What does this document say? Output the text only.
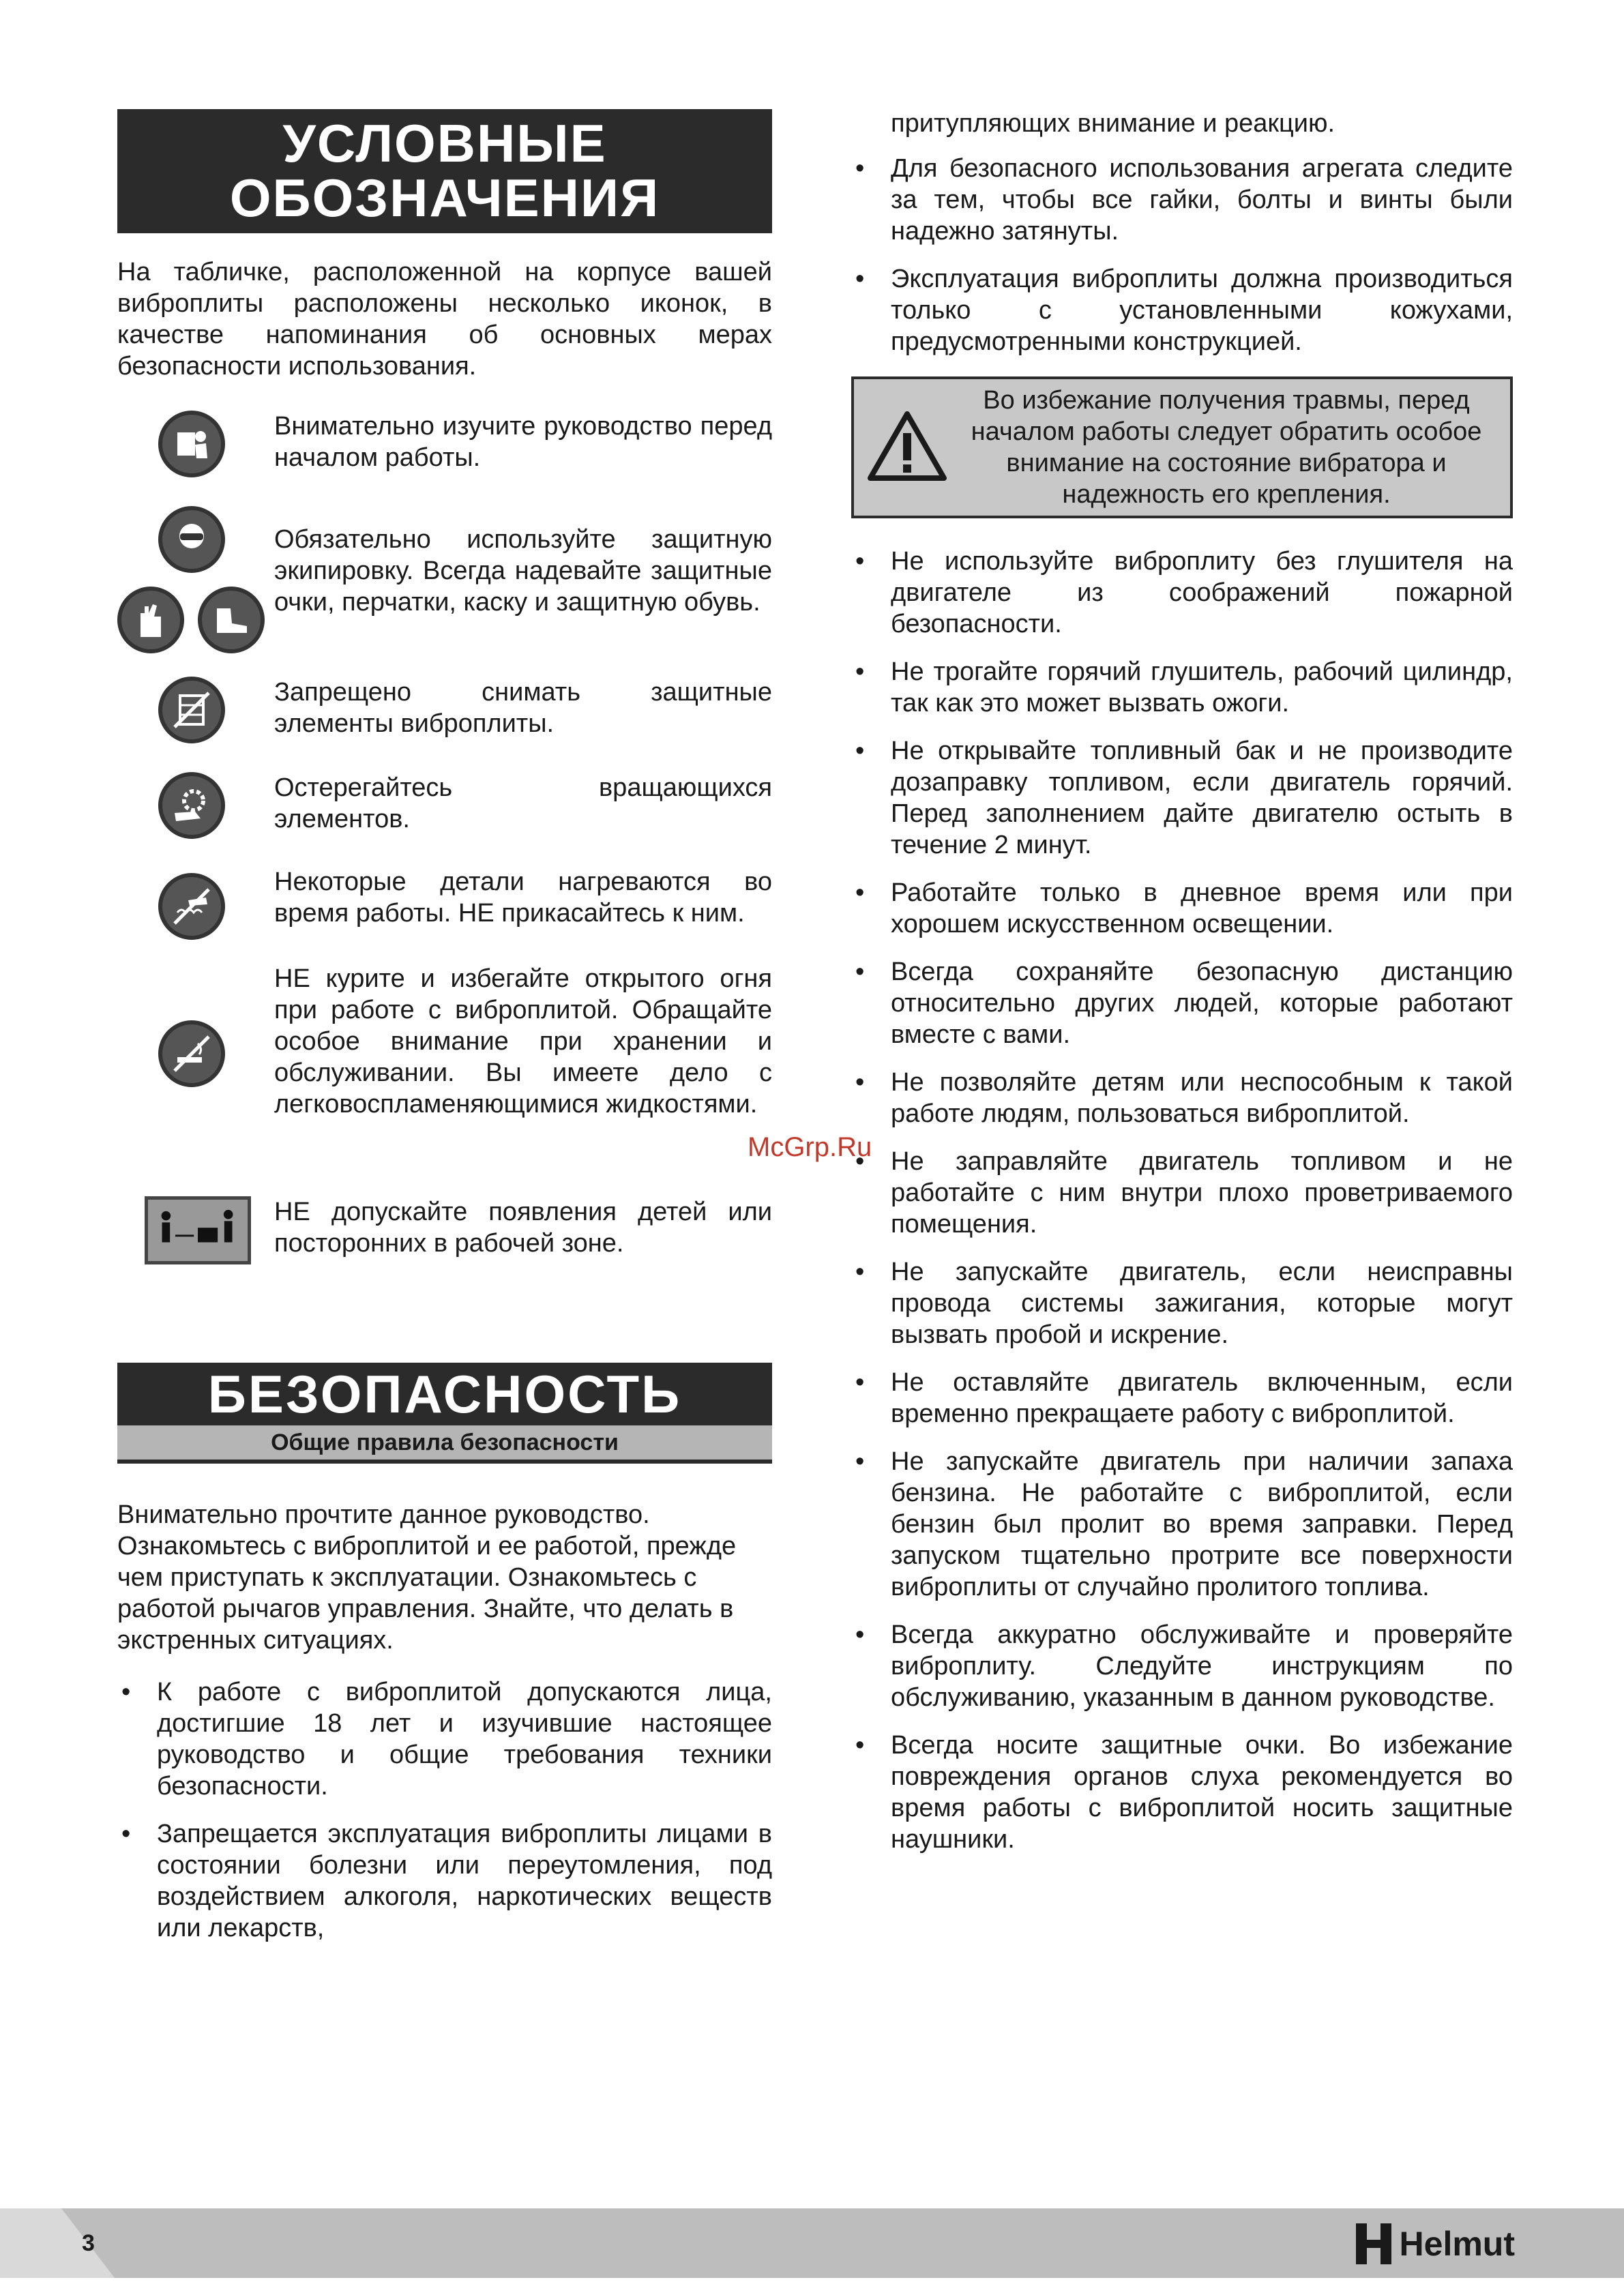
УСЛОВНЫЕ
ОБОЗНАЧЕНИЯ

На табличке, расположенной на корпусе вашей виброплиты расположены несколько иконок, в качестве напоминания об основных мерах безопасности использования.

Внимательно изучите руководство перед началом работы.
Обязательно используйте защитную экипировку. Всегда надевайте защитные очки, перчатки, каску и защитную обувь.
Запрещено снимать защитные элементы виброплиты.
Остерегайтесь вращающихся элементов.
Некоторые детали нагреваются во время работы. НЕ прикасайтесь к ним.
НЕ курите и избегайте открытого огня при работе с виброплитой. Обращайте особое внимание при хранении и обслуживании. Вы имеете дело с легковоспламеняющимися жидкостями.
НЕ допускайте появления детей или посторонних в рабочей зоне.
БЕЗОПАСНОСТЬ
Общие правила безопасности

Внимательно прочтите данное руководство. Ознакомьтесь с виброплитой и ее работой, прежде чем приступать к эксплуатации. Ознакомьтесь с работой рычагов управления. Знайте, что делать в экстренных ситуациях.

• К работе с виброплитой допускаются лица, достигшие 18 лет и изучившие настоящее руководство и общие требования техники безопасности.
• Запрещается эксплуатация виброплиты лицами в состоянии болезни или переутомления, под воздействием алкоголя, наркотических веществ или лекарств,

притупляющих внимание и реакцию.

• Для безопасного использования агрегата следите за тем, чтобы все гайки, болты и винты были надежно затянуты.
• Эксплуатация виброплиты должна производиться только с установленными кожухами, предусмотренными конструкцией.
Во избежание получения травмы, перед началом работы следует обратить особое внимание на состояние вибратора и надежность его крепления.
• Не используйте виброплиту без глушителя на двигателе из соображений пожарной безопасности.
• Не трогайте горячий глушитель, рабочий цилиндр, так как это может вызвать ожоги.
• Не открывайте топливный бак и не производите дозаправку топливом, если двигатель горячий. Перед заполнением дайте двигателю остыть в течение 2 минут.
• Работайте только в дневное время или при хорошем искусственном освещении.
• Всегда сохраняйте безопасную дистанцию относительно других людей, которые работают вместе с вами.
• Не позволяйте детям или неспособным к такой работе людям, пользоваться виброплитой.
• Не заправляйте двигатель топливом и не работайте с ним внутри плохо проветриваемого помещения.
• Не запускайте двигатель, если неисправны провода системы зажигания, которые могут вызвать пробой и искрение.
• Не оставляйте двигатель включенным, если временно прекращаете работу с виброплитой.
• Не запускайте двигатель при наличии запаха бензина. Не работайте с виброплитой, если бензин был пролит во время заправки. Перед запуском тщательно протрите все поверхности виброплиты от случайно пролитого топлива.
• Всегда аккуратно обслуживайте и проверяйте виброплиту. Следуйте инструкциям по обслуживанию, указанным в данном руководстве.
• Всегда носите защитные очки. Во избежание повреждения органов слуха рекомендуется во время работы с виброплитой носить защитные наушники.
McGrp.Ru
3	Helmut
